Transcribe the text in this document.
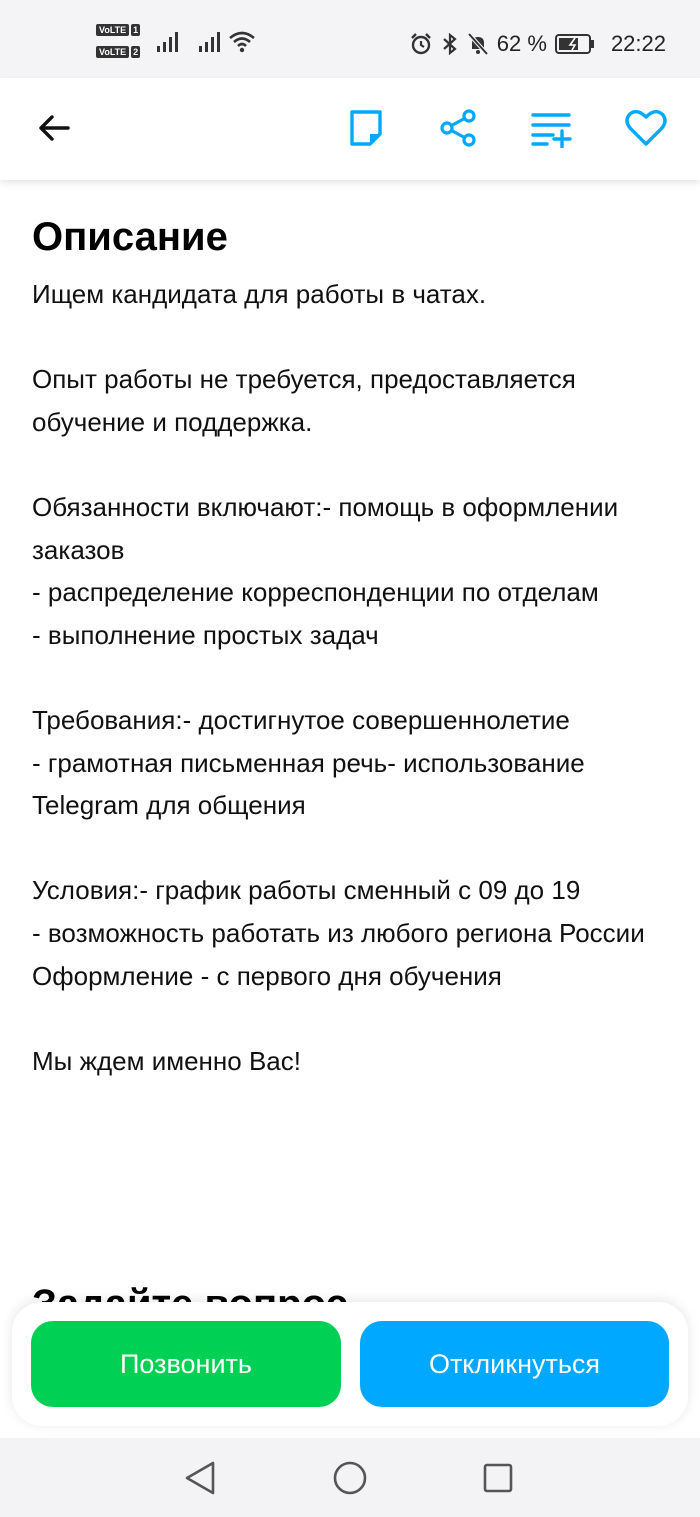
VoLTE 1
VoLTE 2	62 %	22:22
Описание
Ищем кандидата для работы в чатах.

Опыт работы не требуется, предоставляется обучение и поддержка.

Обязанности включают:- помощь в оформлении заказов
- распределение корреспонденции по отделам
- выполнение простых задач

Требования:- достигнутое совершеннолетие
- грамотная письменная речь- использование Telegram для общения

Условия:- график работы сменный с 09 до 19
- возможность работать из любого региона России
Оформление - с первого дня обучения

Мы ждем именно Вас!
Позвонить	Откликнуться
